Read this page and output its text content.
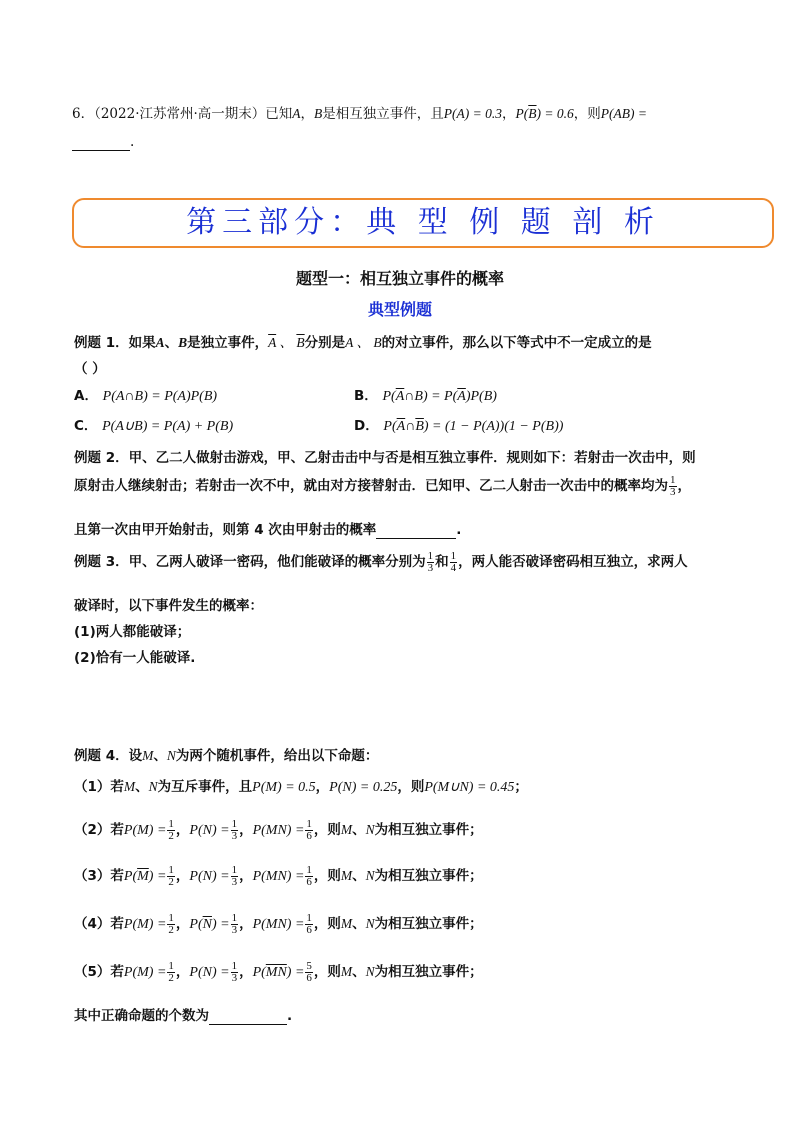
6．（2022·江苏常州·高一期末）已知A，B是相互独立事件，且P(A) = 0.3，$P(\overline{B}) = 0.6$，则P(AB) =
.
第三部分：典 型 例 题 剖 析
题型一：相互独立事件的概率
典型例题
例题 1．如果A、B是独立事件，$\overline{A}$ 、 $\overline{B}$分别是A 、 B的对立事件，那么以下等式中不一定成立的是
（ ）
A． P(A∩B) = P(A)P(B)	B． $P(\overline{A}\cap B) = P(\overline{A})P(B)$
C． P(A∪B) = P(A) + P(B)	D． $P(\overline{A}\cap\overline{B}) = (1 - P(A))(1 - P(B))$
例题 2．甲、乙二人做射击游戏，甲、乙射击击中与否是相互独立事件．规则如下：若射击一次击中，则
原射击人继续射击；若射击一次不中，就由对方接替射击．已知甲、乙二人射击一次击中的概率均为 $\frac{1}{3}$ ，
且第一次由甲开始射击，则第 4 次由甲射击的概率	.
例题 3．甲、乙两人破译一密码，他们能破译的概率分别为 $\frac{1}{3}$ 和 $\frac{1}{4}$ ，两人能否破译密码相互独立，求两人
破译时，以下事件发生的概率：
(1)两人都能破译；
(2)恰有一人能破译.
例题 4．设M、N为两个随机事件，给出以下命题：
（1）若M、N为互斥事件，且P(M) = 0.5，P(N) = 0.25，则P(M∪N) = 0.45；
（2）若$P(M) = \frac{1}{2}$ ，$P(N) = \frac{1}{3}$ ，$P(MN) = \frac{1}{6}$ ，则M、N为相互独立事件；
（3）若$P(\overline{M}) = \frac{1}{2}$ ，$P(N) = \frac{1}{3}$ ，$P(MN) = \frac{1}{6}$ ，则M、N为相互独立事件；
（4）若$P(M) = \frac{1}{2}$ ，$P(\overline{N}) = \frac{1}{3}$ ，$P(MN) = \frac{1}{6}$ ，则M、N为相互独立事件；
（5）若$P(M) = \frac{1}{2}$ ，$P(N) = \frac{1}{3}$ ，$P(\overline{MN}) = \frac{5}{6}$ ，则M、N为相互独立事件；
其中正确命题的个数为	.
